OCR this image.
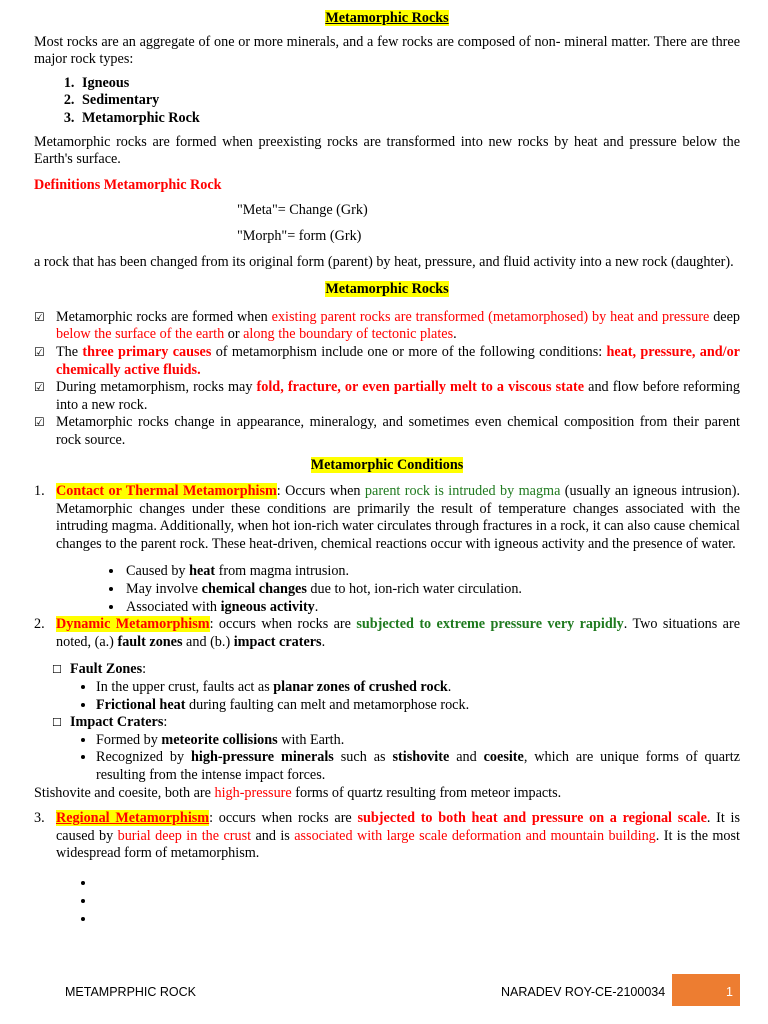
Metamorphic Rocks

Most rocks are an aggregate of one or more minerals, and a few rocks are composed of non- mineral matter. There are three major rock types:

1. Igneous
2. Sedimentary
3. Metamorphic Rock

Metamorphic rocks are formed when preexisting rocks are transformed into new rocks by heat and pressure below the Earth's surface.

Definitions Metamorphic Rock
"Meta"= Change (Grk)
"Morph"= form (Grk)

a rock that has been changed from its original form (parent) by heat, pressure, and fluid activity into a new rock (daughter).

Metamorphic Rocks
☑ Metamorphic rocks are formed when existing parent rocks are transformed (metamorphosed) by heat and pressure deep below the surface of the earth or along the boundary of tectonic plates.
☑ The three primary causes of metamorphism include one or more of the following conditions: heat, pressure, and/or chemically active fluids.
☑ During metamorphism, rocks may fold, fracture, or even partially melt to a viscous state and flow before reforming into a new rock.
☑ Metamorphic rocks change in appearance, mineralogy, and sometimes even chemical composition from their parent rock source.
Metamorphic Conditions
1. Contact or Thermal Metamorphism: Occurs when parent rock is intruded by magma (usually an igneous intrusion). Metamorphic changes under these conditions are primarily the result of temperature changes associated with the intruding magma. Additionally, when hot ion-rich water circulates through fractures in a rock, it can also cause chemical changes to the parent rock. These heat-driven, chemical reactions occur with igneous activity and the presence of water.
• Caused by heat from magma intrusion.
• May involve chemical changes due to hot, ion-rich water circulation.
• Associated with igneous activity.
2. Dynamic Metamorphism: occurs when rocks are subjected to extreme pressure very rapidly. Two situations are noted, (a.) fault zones and (b.) impact craters.
☐ Fault Zones:
• In the upper crust, faults act as planar zones of crushed rock.
• Frictional heat during faulting can melt and metamorphose rock.
☐ Impact Craters:
• Formed by meteorite collisions with Earth.
• Recognized by high-pressure minerals such as stishovite and coesite, which are unique forms of quartz resulting from the intense impact forces.

Stishovite and coesite, both are high-pressure forms of quartz resulting from meteor impacts.

3. Regional Metamorphism: occurs when rocks are subjected to both heat and pressure on a regional scale. It is caused by burial deep in the crust and is associated with large scale deformation and mountain building. It is the most widespread form of metamorphism.
•
•
•
METAMPRPHIC ROCK	NARADEV ROY-CE-2100034	1
